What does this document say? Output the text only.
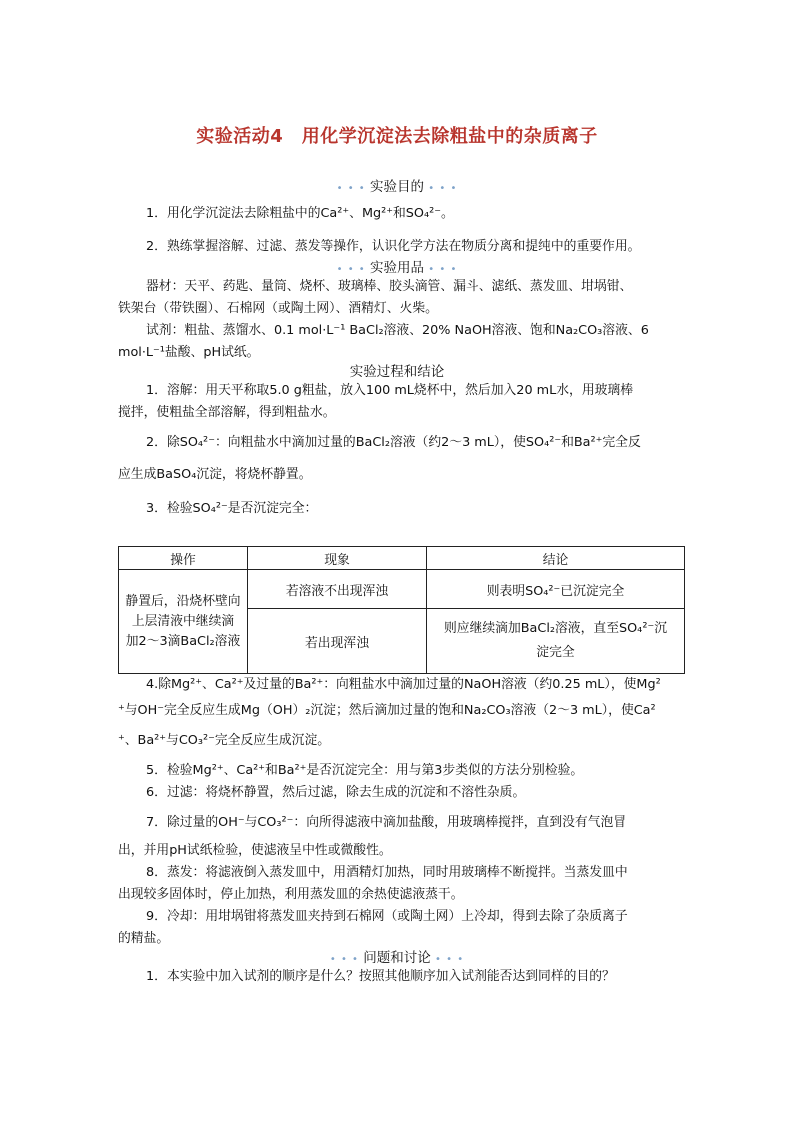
实验活动4　用化学沉淀法去除粗盐中的杂质离子
• • • 实验目的 • • •
1．用化学沉淀法去除粗盐中的Ca²⁺、Mg²⁺和SO₄²⁻。
2．熟练掌握溶解、过滤、蒸发等操作，认识化学方法在物质分离和提纯中的重要作用。
• • • 实验用品 • • •
器材：天平、药匙、量筒、烧杯、玻璃棒、胶头滴管、漏斗、滤纸、蒸发皿、坩埚钳、
铁架台（带铁圈）、石棉网（或陶土网）、酒精灯、火柴。
试剂：粗盐、蒸馏水、0.1 mol·L⁻¹ BaCl₂溶液、20% NaOH溶液、饱和Na₂CO₃溶液、6
mol·L⁻¹盐酸、pH试纸。
实验过程和结论
1．溶解：用天平称取5.0 g粗盐，放入100 mL烧杯中，然后加入20 mL水，用玻璃棒
搅拌，使粗盐全部溶解，得到粗盐水。
2．除SO₄²⁻：向粗盐水中滴加过量的BaCl₂溶液（约2～3 mL），使SO₄²⁻和Ba²⁺完全反
应生成BaSO₄沉淀，将烧杯静置。
3．检验SO₄²⁻是否沉淀完全：
操作	现象	结论

静置后，沿烧杯壁向
上层清液中继续滴
加2～3滴BaCl₂溶液	若溶液不出现浑浊	则表明SO₄²⁻已沉淀完全
	若出现浑浊	则应继续滴加BaCl₂溶液，直至SO₄²⁻沉
淀完全
4.除Mg²⁺、Ca²⁺及过量的Ba²⁺：向粗盐水中滴加过量的NaOH溶液（约0.25 mL），使Mg²
⁺与OH⁻完全反应生成Mg（OH）₂沉淀；然后滴加过量的饱和Na₂CO₃溶液（2～3 mL），使Ca²
⁺、Ba²⁺与CO₃²⁻完全反应生成沉淀。
5．检验Mg²⁺、Ca²⁺和Ba²⁺是否沉淀完全：用与第3步类似的方法分别检验。
6．过滤：将烧杯静置，然后过滤，除去生成的沉淀和不溶性杂质。
7．除过量的OH⁻与CO₃²⁻：向所得滤液中滴加盐酸，用玻璃棒搅拌，直到没有气泡冒
出，并用pH试纸检验，使滤液呈中性或微酸性。
8．蒸发：将滤液倒入蒸发皿中，用酒精灯加热，同时用玻璃棒不断搅拌。当蒸发皿中
出现较多固体时，停止加热，利用蒸发皿的余热使滤液蒸干。
9．冷却：用坩埚钳将蒸发皿夹持到石棉网（或陶土网）上冷却，得到去除了杂质离子
的精盐。
• • • 问题和讨论 • • •
1．本实验中加入试剂的顺序是什么？按照其他顺序加入试剂能否达到同样的目的？
